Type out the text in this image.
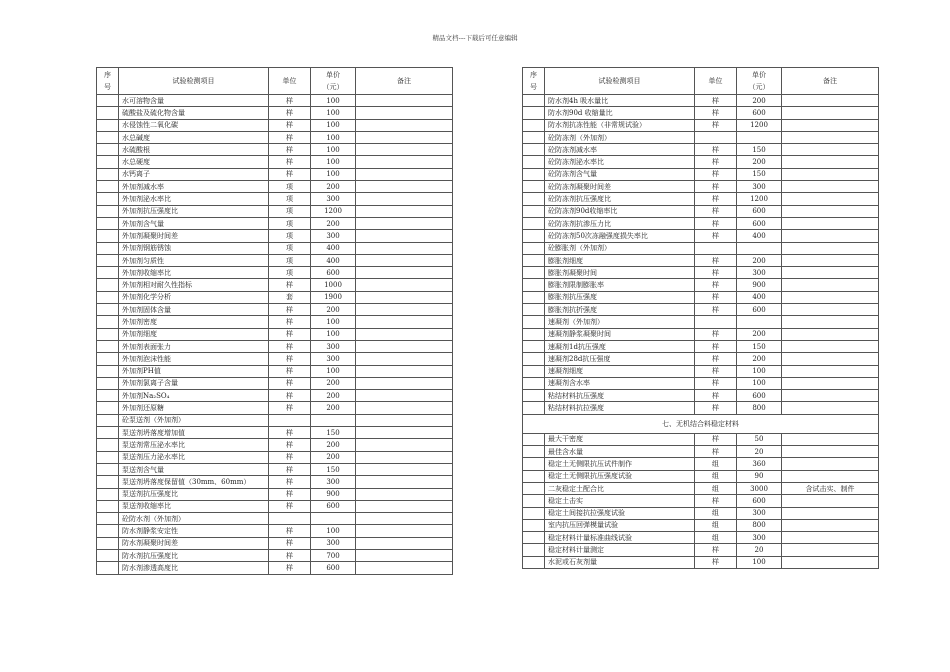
精品文档---下载后可任意编辑
序
号	试验检测项目	单位	单价
（元）	备注
	水可溶物含量	样	100	
	硫酸盐及硫化物含量	样	100	
	水侵蚀性二氧化碳	样	100	
	水总碱度	样	100	
	水硫酸根	样	100	
	水总硬度	样	100	
	水钙离子	样	100	
	外加剂减水率	项	200	
	外加剂泌水率比	项	300	
	外加剂抗压强度比	项	1200	
	外加剂含气量	项	200	
	外加剂凝聚时间差	项	300	
	外加剂钢筋锈蚀	项	400	
	外加剂匀质性	项	400	
	外加剂收缩率比	项	600	
	外加剂相对耐久性指标	样	1000	
	外加剂化学分析	套	1900	
	外加剂固体含量	样	200	
	外加剂密度	样	100	
	外加剂细度	样	100	
	外加剂表面张力	样	300	
	外加剂泡沫性能	样	300	
	外加剂PH值	样	100	
	外加剂氯离子含量	样	200	
	外加剂Na₂SO₄	样	200	
	外加剂还原糖	样	200	
	砼泵送剂（外加剂）			
	泵送剂坍落度增加值	样	150	
	泵送剂常压泌水率比	样	200	
	泵送剂压力泌水率比	样	200	
	泵送剂含气量	样	150	
	泵送剂坍落度保留值（30mm、60mm）	样	300	
	泵送剂抗压强度比	样	900	
	泵送剂收缩率比	样	600	
	砼防水剂（外加剂）			
	防水剂静浆安定性	样	100	
	防水剂凝聚时间差	样	300	
	防水剂抗压强度比	样	700	
	防水剂渗透高度比	样	600	
序
号	试验检测项目	单位	单价
（元）	备注
	防水剂4h 吸水量比	样	200	
	防水剂90d 收缩量比	样	600	
	防水剂抗冻性能（非常规试验）	样	1200	
	砼防冻剂（外加剂）			
	砼防冻剂减水率	样	150	
	砼防冻剂泌水率比	样	200	
	砼防冻剂含气量	样	150	
	砼防冻剂凝聚时间差	样	300	
	砼防冻剂抗压强度比	样	1200	
	砼防冻剂90d收缩率比	样	600	
	砼防冻剂抗渗压力比	样	600	
	砼防冻剂50次冻融强度损失率比	样	400	
	砼膨胀剂（外加剂）			
	膨胀剂细度	样	200	
	膨胀剂凝聚时间	样	300	
	膨胀剂限制膨胀率	样	900	
	膨胀剂抗压强度	样	400	
	膨胀剂抗折强度	样	600	
	速凝剂（外加剂）			
	速凝剂静浆凝聚时间	样	200	
	速凝剂1d抗压强度	样	150	
	速凝剂28d抗压强度	样	200	
	速凝剂细度	样	100	
	速凝剂含水率	样	100	
	粘结材料抗压强度	样	600	
	粘结材料抗拉强度	样	800	
七、无机结合料稳定材料				
	最大干密度	样	50	
	最佳含水量	样	20	
	稳定土无侧限抗压试件制作	组	360	
	稳定土无侧限抗压强度试验	组	90	
	二灰稳定土配合比	组	3000	含试击实、制件
	稳定土击实	样	600	
	稳定土间接抗拉强度试验	组	300	
	室内抗压回弹模量试验	组	800	
	稳定材料计量标准曲线试验	组	300	
	稳定材料计量测定	样	20	
	水泥或石灰剂量	样	100	
